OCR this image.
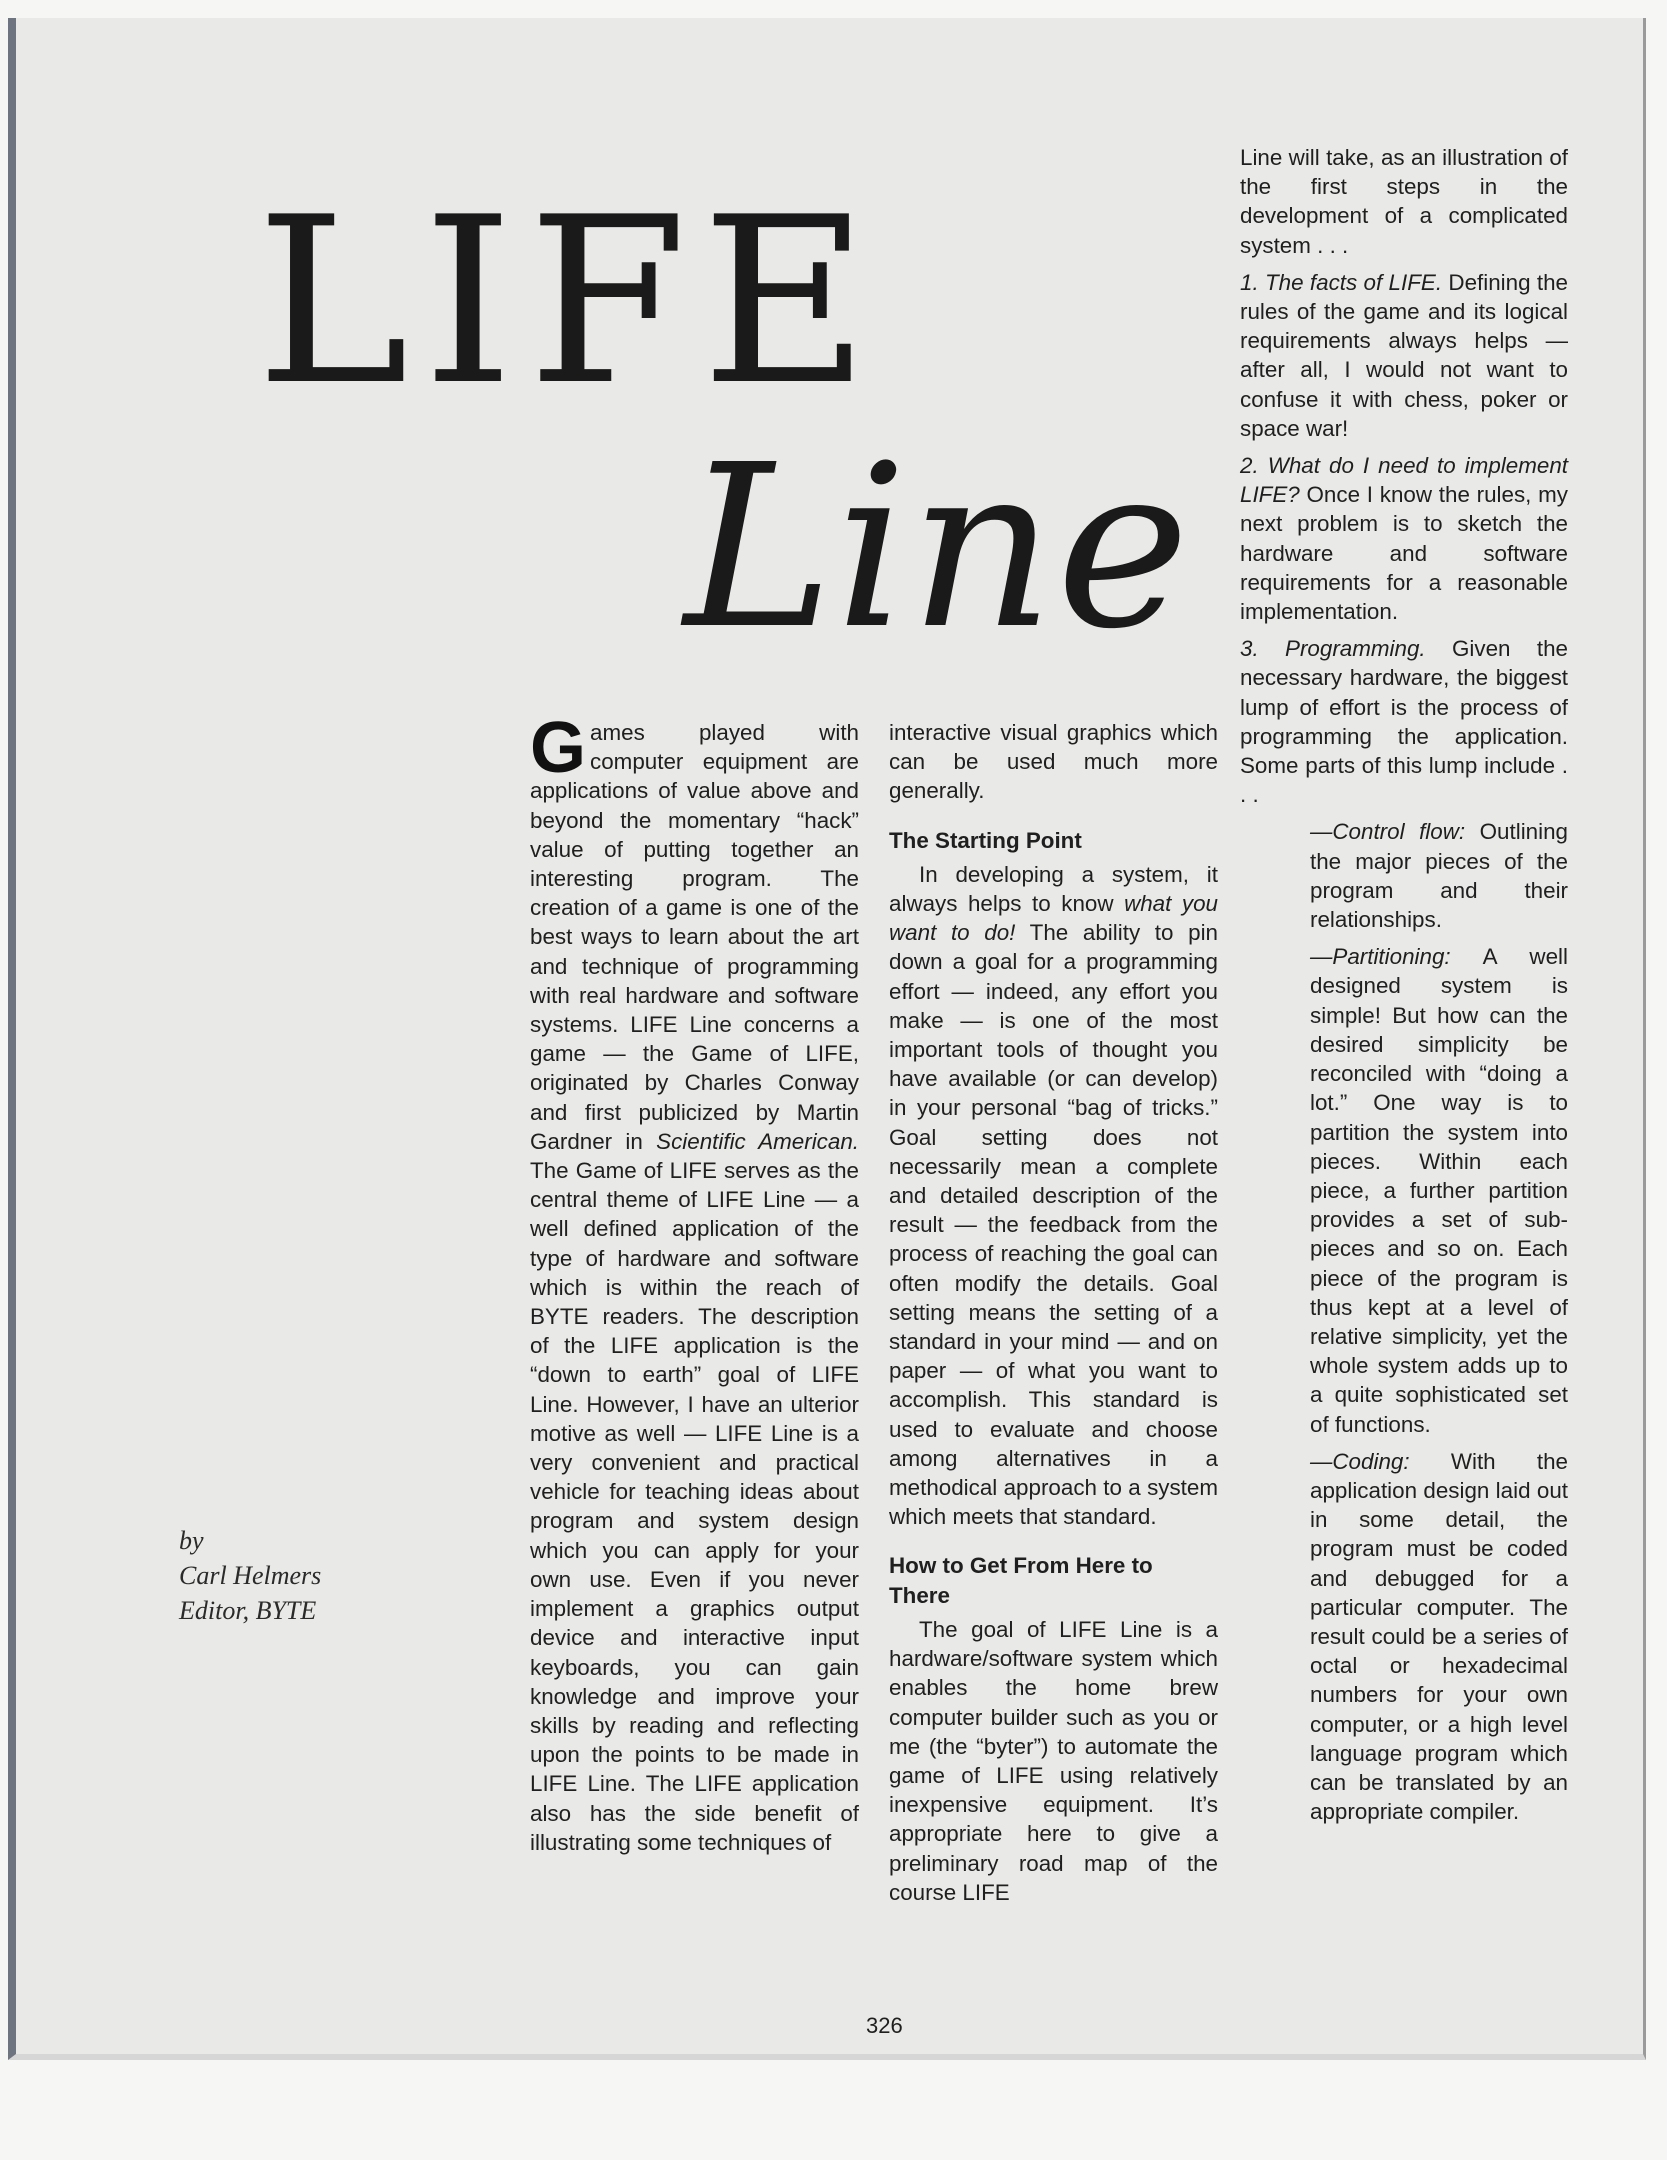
LIFE
Line
by
Carl Helmers
Editor, BYTE

Games played with computer equipment are applications of value above and beyond the momentary “hack” value of putting together an interesting program. The creation of a game is one of the best ways to learn about the art and technique of programming with real hardware and software systems. LIFE Line concerns a game — the Game of LIFE, originated by Charles Conway and first publicized by Martin Gardner in Scientific American. The Game of LIFE serves as the central theme of LIFE Line — a well defined application of the type of hardware and software which is within the reach of BYTE readers. The description of the LIFE application is the “down to earth” goal of LIFE Line. However, I have an ulterior motive as well — LIFE Line is a very convenient and practical vehicle for teaching ideas about program and system design which you can apply for your own use. Even if you never implement a graphics output device and interactive input keyboards, you can gain knowledge and improve your skills by reading and reflecting upon the points to be made in LIFE Line. The LIFE application also has the side benefit of illustrating some techniques of

interactive visual graphics which can be used much more generally.

The Starting Point

In developing a system, it always helps to know what you want to do! The ability to pin down a goal for a programming effort — indeed, any effort you make — is one of the most important tools of thought you have available (or can develop) in your personal “bag of tricks.” Goal setting does not necessarily mean a complete and detailed description of the result — the feedback from the process of reaching the goal can often modify the details. Goal setting means the setting of a standard in your mind — and on paper — of what you want to accomplish. This standard is used to evaluate and choose among alternatives in a methodical approach to a system which meets that standard.

How to Get From Here to There

The goal of LIFE Line is a hardware/software system which enables the home brew computer builder such as you or me (the “byter”) to automate the game of LIFE using relatively inexpensive equipment. It’s appropriate here to give a preliminary road map of the course LIFE

Line will take, as an illustration of the first steps in the development of a complicated system . . .

1. The facts of LIFE. Defining the rules of the game and its logical requirements always helps — after all, I would not want to confuse it with chess, poker or space war!

2. What do I need to implement LIFE? Once I know the rules, my next problem is to sketch the hardware and software requirements for a reasonable implementation.

3. Programming. Given the necessary hardware, the biggest lump of effort is the process of programming the application. Some parts of this lump include . . .

—Control flow: Outlining the major pieces of the program and their relationships.

—Partitioning: A well designed system is simple! But how can the desired simplicity be reconciled with “doing a lot.” One way is to partition the system into pieces. Within each piece, a further partition provides a set of sub-pieces and so on. Each piece of the program is thus kept at a level of relative simplicity, yet the whole system adds up to a quite sophisticated set of functions.

—Coding: With the application design laid out in some detail, the program must be coded and debugged for a particular computer. The result could be a series of octal or hexadecimal numbers for your own computer, or a high level language program which can be translated by an appropriate compiler.

326
